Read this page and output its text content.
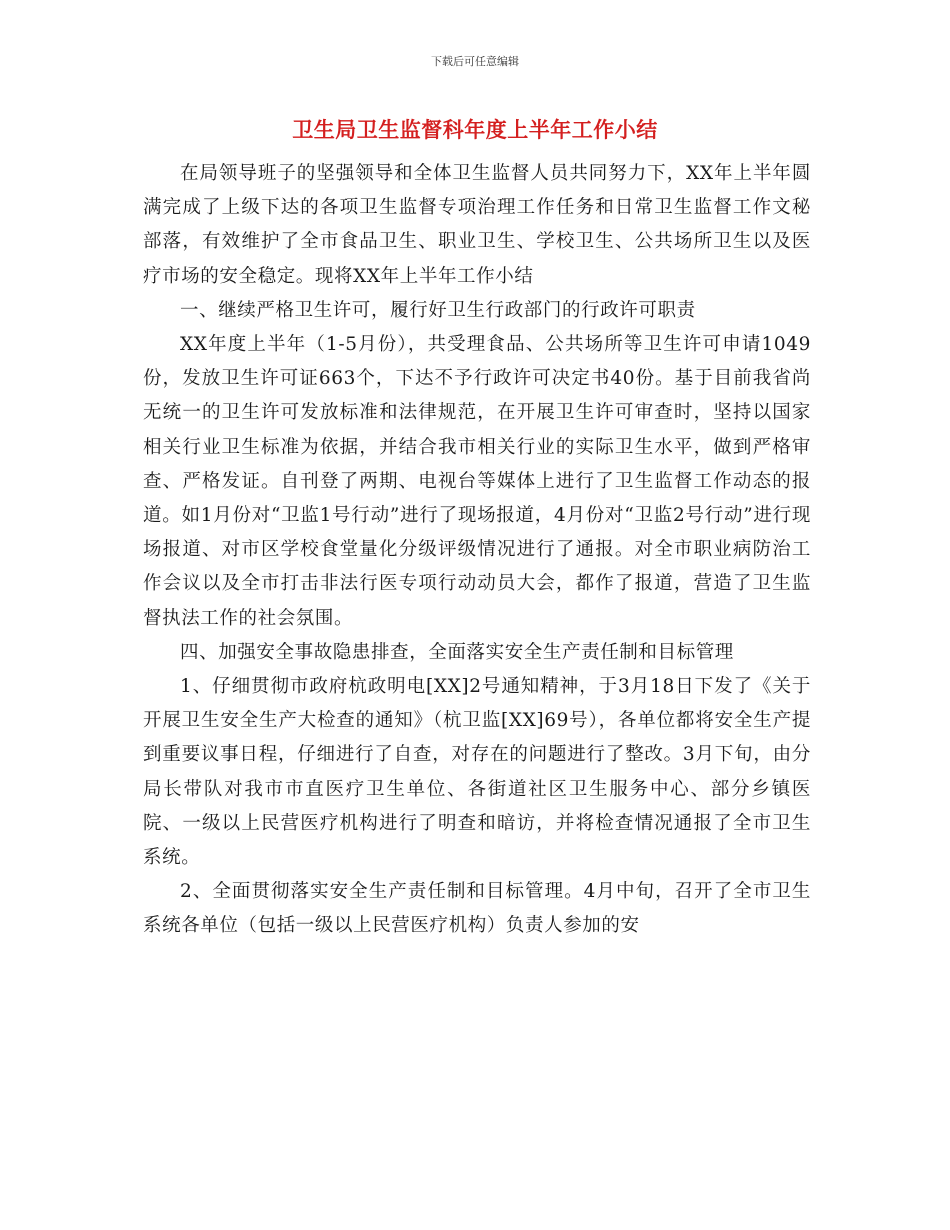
下载后可任意编辑
卫生局卫生监督科年度上半年工作小结

在局领导班子的坚强领导和全体卫生监督人员共同努力下，XX年上半年圆满完成了上级下达的各项卫生监督专项治理工作任务和日常卫生监督工作文秘部落，有效维护了全市食品卫生、职业卫生、学校卫生、公共场所卫生以及医疗市场的安全稳定。现将XX年上半年工作小结

一、继续严格卫生许可，履行好卫生行政部门的行政许可职责

XX年度上半年（1-5月份），共受理食品、公共场所等卫生许可申请1049份，发放卫生许可证663个，下达不予行政许可决定书40份。基于目前我省尚无统一的卫生许可发放标准和法律规范，在开展卫生许可审查时，坚持以国家相关行业卫生标准为依据，并结合我市相关行业的实际卫生水平，做到严格审查、严格发证。自刊登了两期、电视台等媒体上进行了卫生监督工作动态的报道。如1月份对“卫监1号行动”进行了现场报道，4月份对“卫监2号行动”进行现场报道、对市区学校食堂量化分级评级情况进行了通报。对全市职业病防治工作会议以及全市打击非法行医专项行动动员大会，都作了报道，营造了卫生监督执法工作的社会氛围。

四、加强安全事故隐患排查，全面落实安全生产责任制和目标管理

1、仔细贯彻市政府杭政明电[XX]2号通知精神，于3月18日下发了《关于开展卫生安全生产大检查的通知》（杭卫监[XX]69号），各单位都将安全生产提到重要议事日程，仔细进行了自查，对存在的问题进行了整改。3月下旬，由分局长带队对我市市直医疗卫生单位、各街道社区卫生服务中心、部分乡镇医院、一级以上民营医疗机构进行了明查和暗访，并将检查情况通报了全市卫生系统。

2、全面贯彻落实安全生产责任制和目标管理。4月中旬，召开了全市卫生系统各单位（包括一级以上民营医疗机构）负责人参加的安
